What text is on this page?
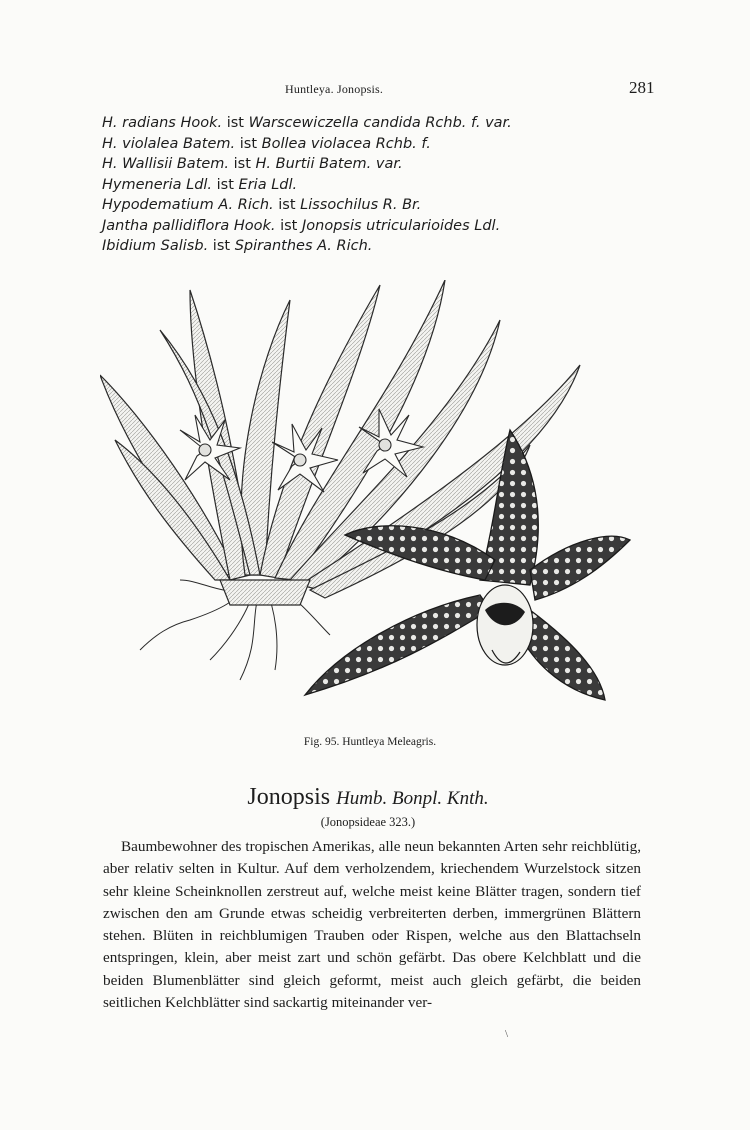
Huntleya. Jonopsis.	281
H. radians Hook. ist Warscewiczella candida Rchb. f. var.
H. violalea Batem. ist Bollea violacea Rchb. f.
H. Wallisii Batem. ist H. Burtii Batem. var.
Hymeneria Ldl. ist Eria Ldl.
Hypodematium A. Rich. ist Lissochilus R. Br.
Jantha pallidiflora Hook. ist Jonopsis utricularioides Ldl.
Ibidium Salisb. ist Spiranthes A. Rich.
Fig. 95. Huntleya Meleagris.
Jonopsis Humb. Bonpl. Knth.
(Jonopsideae 323.)
Baumbewohner des tropischen Amerikas, alle neun bekannten Arten sehr reichblütig, aber relativ selten in Kultur. Auf dem verholzendem, kriechendem Wurzelstock sitzen sehr kleine Scheinknollen zerstreut auf, welche meist keine Blätter tragen, sondern tief zwischen den am Grunde etwas scheidig verbreiterten derben, immergrünen Blättern stehen. Blüten in reichblumigen Trauben oder Rispen, welche aus den Blattachseln entspringen, klein, aber meist zart und schön gefärbt. Das obere Kelchblatt und die beiden Blumenblätter sind gleich geformt, meist auch gleich gefärbt, die beiden seitlichen Kelchblätter sind sackartig miteinander ver-
\
